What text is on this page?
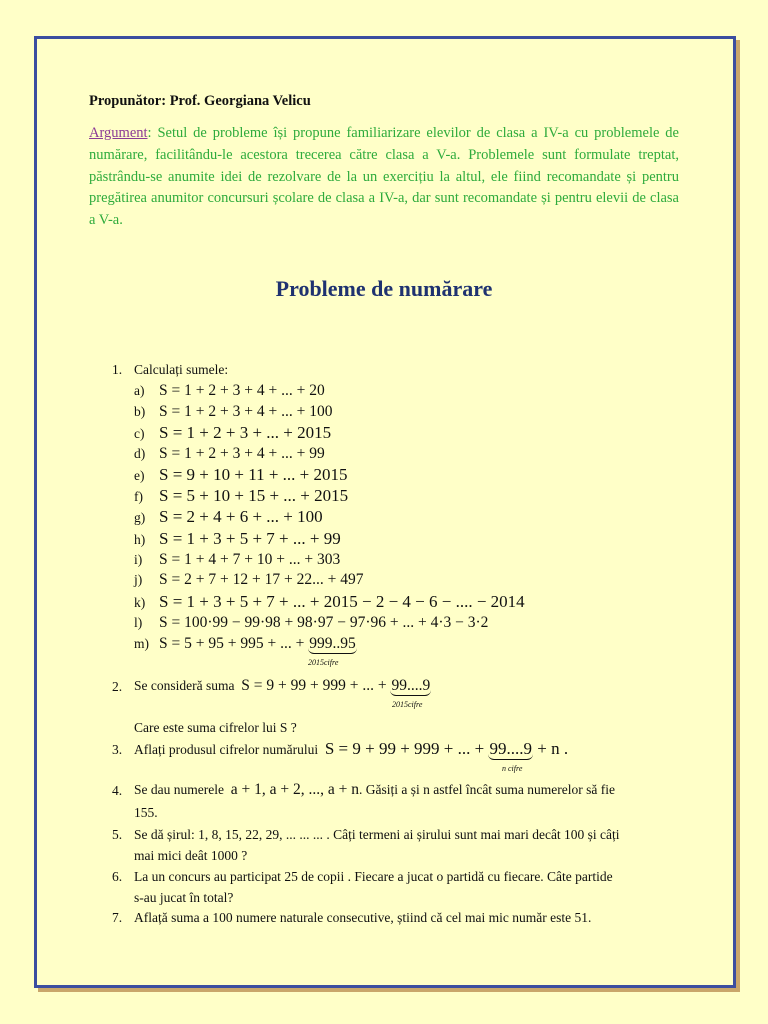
Propunător: Prof. Georgiana Velicu
Argument: Setul de probleme își propune familiarizare elevilor de clasa a IV-a cu problemele de numărare, facilitându-le acestora trecerea către clasa a V-a. Problemele sunt formulate treptat, păstrându-se anumite idei de rezolvare de la un exercițiu la altul, ele fiind recomandate și pentru pregătirea anumitor concursuri școlare de clasa a IV-a, dar sunt recomandate și pentru elevii de clasa a V-a.
Probleme de numărare
1. Calculați sumele:
a) S = 1 + 2 + 3 + 4 + ... + 20
b) S = 1 + 2 + 3 + 4 + ... + 100
c) S = 1 + 2 + 3 + ... + 2015
d) S = 1 + 2 + 3 + 4 + ... + 99
e) S = 9 + 10 + 11 + ... + 2015
f) S = 5 + 10 + 15 + ... + 2015
g) S = 2 + 4 + 6 + ... + 100
h) S = 1 + 3 + 5 + 7 + ... + 99
i) S = 1 + 4 + 7 + 10 + ... + 303
j) S = 2 + 7 + 12 + 17 + 22... + 497
k) S = 1 + 3 + 5 + 7 + ... + 2015 − 2 − 4 − 6 − .... − 2014
l) S = 100·99 − 99·98 + 98·97 − 97·96 + ... + 4·3 − 3·2
m) S = 5 + 95 + 995 + ... + 999..95
2015cifre
2. Se consideră suma S = 9 + 99 + 999 + ... + 99....9
2015cifre
Care este suma cifrelor lui S ?
3. Aflați produsul cifrelor numărului S = 9 + 99 + 999 + ... + 99....9 + n .
n cifre
4. Se dau numerele a + 1, a + 2, ..., a + n. Găsiți a și n astfel încât suma numerelor să fie
155.
5. Se dă șirul: 1, 8, 15, 22, 29, ... ... ... . Câți termeni ai șirului sunt mai mari decât 100 și câți
mai mici deât 1000 ?
6. La un concurs au participat 25 de copii . Fiecare a jucat o partidă cu fiecare. Câte partide
s-au jucat în total?
7. Aflață suma a 100 numere naturale consecutive, știind că cel mai mic număr este 51.
